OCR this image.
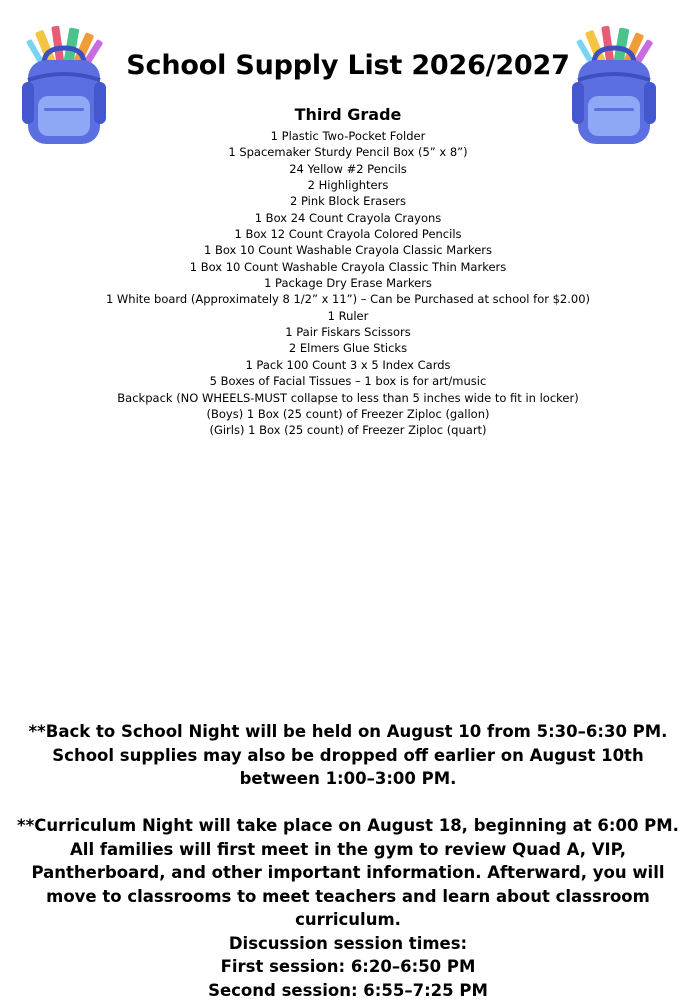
School Supply List 2026/2027
Third Grade
1 Plastic Two-Pocket Folder
1 Spacemaker Sturdy Pencil Box (5” x 8”)
24 Yellow #2 Pencils
2 Highlighters
2 Pink Block Erasers
1 Box 24 Count Crayola Crayons
1 Box 12 Count Crayola Colored Pencils
1 Box 10 Count Washable Crayola Classic Markers
1 Box 10 Count Washable Crayola Classic Thin Markers
1 Package Dry Erase Markers
1 White board (Approximately 8 1/2” x 11”) – Can be Purchased at school for $2.00)
1 Ruler
1 Pair Fiskars Scissors
2 Elmers Glue Sticks
1 Pack 100 Count 3 x 5 Index Cards
5 Boxes of Facial Tissues – 1 box is for art/music
Backpack (NO WHEELS-MUST collapse to less than 5 inches wide to fit in locker)
(Boys) 1 Box (25 count) of Freezer Ziploc (gallon)
(Girls) 1 Box (25 count) of Freezer Ziploc (quart)

**Back to School Night will be held on August 10 from 5:30–6:30 PM. School supplies may also be dropped off earlier on August 10th between 1:00–3:00 PM.

**Curriculum Night will take place on August 18, beginning at 6:00 PM. All families will first meet in the gym to review Quad A, VIP, Pantherboard, and other important information. Afterward, you will move to classrooms to meet teachers and learn about classroom curriculum.

Discussion session times:

First session: 6:20–6:50 PM

Second session: 6:55–7:25 PM
